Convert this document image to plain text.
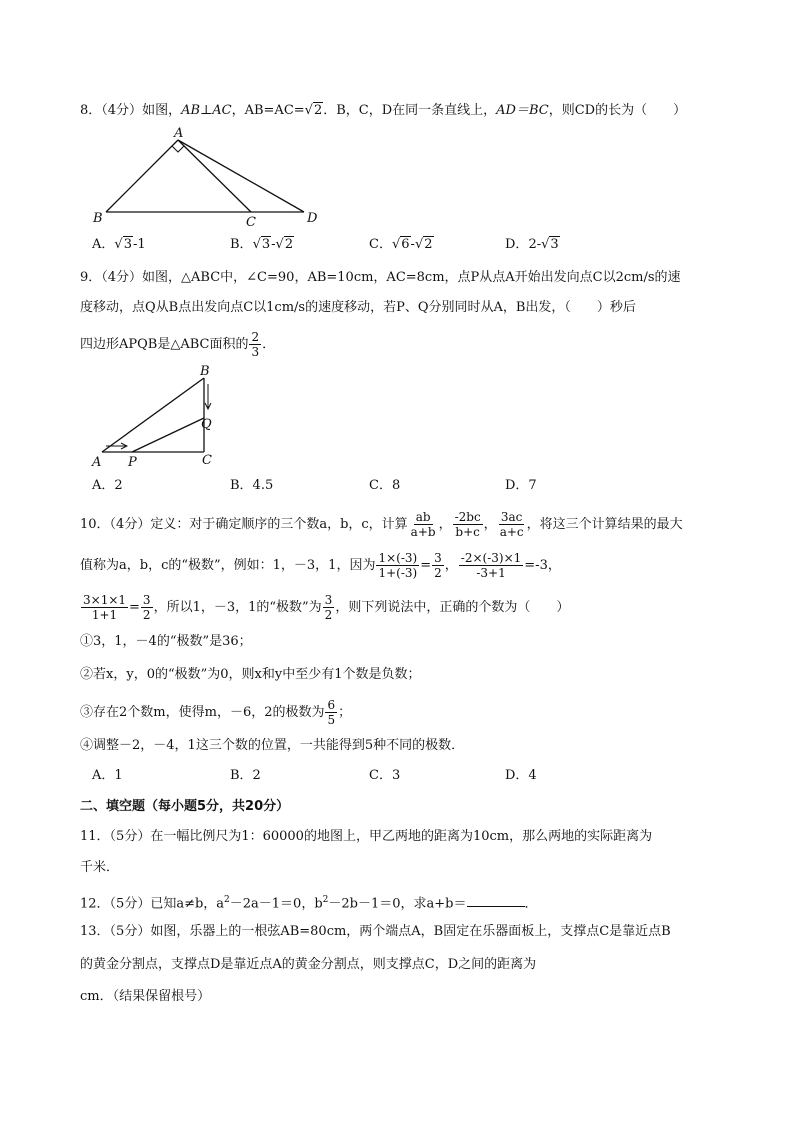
8．（4分）如图，AB⊥AC，AB=AC=√2．B，C，D在同一条直线上，AD＝BC，则CD的长为（　　）
A
B	C	D
A．√3-1	B．√3-√2	C．√6-√2	D．2-√3
9．（4分）如图，△ABC中，∠C=90，AB=10cm，AC=8cm，点P从点A开始出发向点C以2cm/s的速
度移动，点Q从B点出发向点C以1cm/s的速度移动，若P、Q分别同时从A，B出发，（　　）秒后
四边形APQB是△ABC面积的 $\frac{2}{3}$ ．
B
Q
A P	C
A．2	B．4.5	C．8	D．7
10．（4分）定义：对于确定顺序的三个数a，b，c，计算 $\frac{ab}{a+b}$ ， $\frac{-2bc}{b+c}$ ， $\frac{3ac}{a+c}$ ，将这三个计算结果的最大
值称为a，b，c的“极数”，例如：1，－3，1，因为 $\frac{1\times(-3)}{1+(-3)} = \frac{3}{2}$ ， $\frac{-2\times(-3)\times 1}{-3+1} =-3$，
$\frac{3\times 1\times 1}{1+1} = \frac{3}{2}$ ，所以1，－3，1的“极数”为 $\frac{3}{2}$ ，则下列说法中，正确的个数为（　　）
①3，1，－4的“极数”是36；
②若x，y，0的“极数”为0，则x和y中至少有1个数是负数；
③存在2个数m，使得m，－6，2的极数为 $\frac{6}{5}$ ；
④调整－2，－4，1这三个数的位置，一共能得到5种不同的极数．
A．1	B．2	C．3	D．4
二、填空题（每小题5分，共20分）
11．（5分）在一幅比例尺为1：60000的地图上，甲乙两地的距离为10cm，那么两地的实际距离为
千米．
12．（5分）已知a≠b，$a^2-2a-1=0$，$b^2-2b-1=0$，求a+b＝	．
13．（5分）如图，乐器上的一根弦AB=80cm，两个端点A，B固定在乐器面板上，支撑点C是靠近点B
的黄金分割点，支撑点D是靠近点A的黄金分割点，则支撑点C，D之间的距离为
cm．（结果保留根号）
